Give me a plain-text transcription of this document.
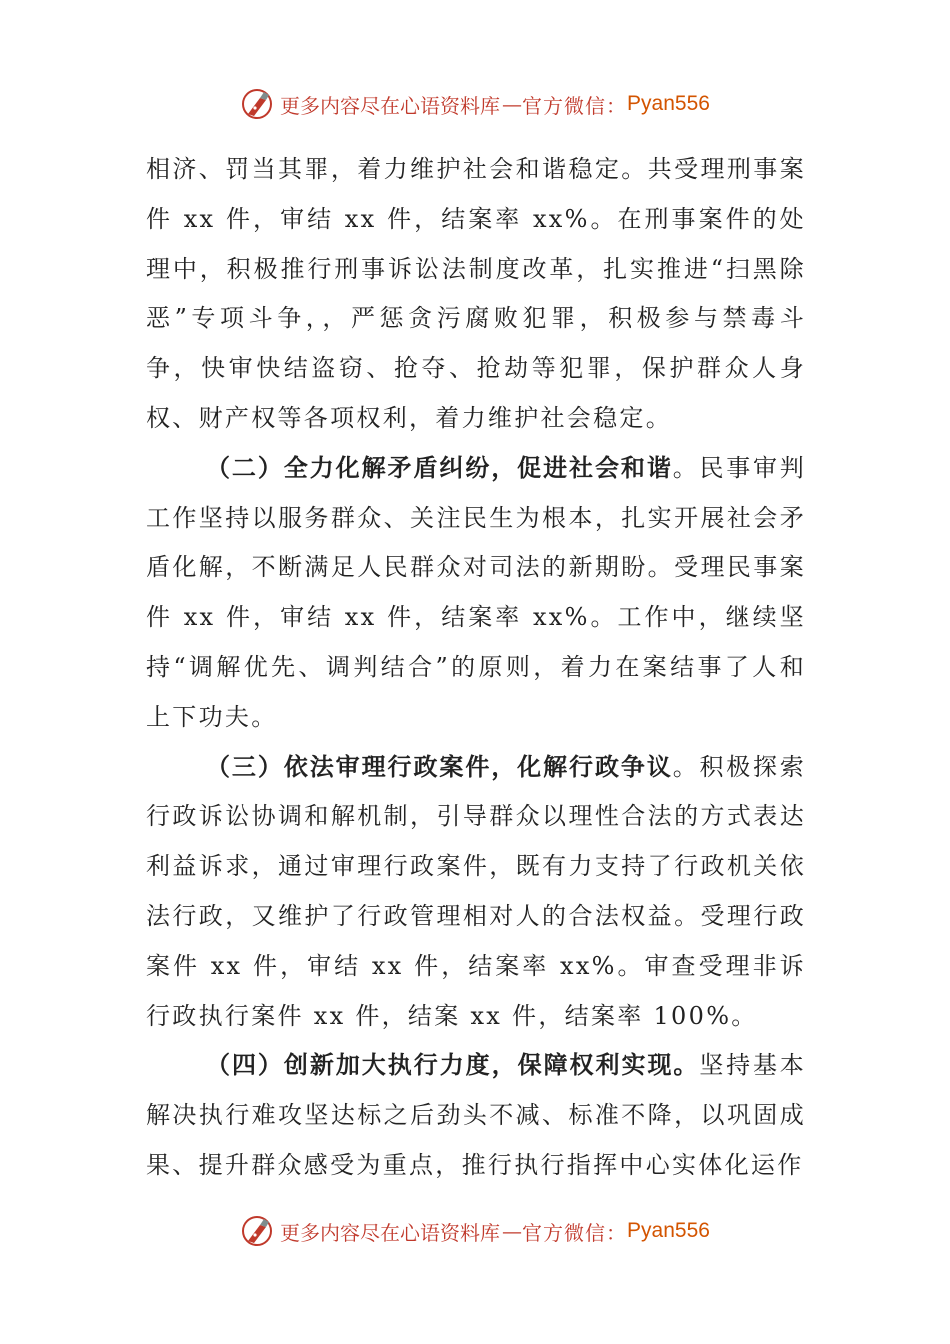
更多内容尽在心语资料库 — 官方微信： Pyan556

相济、罚当其罪，着力维护社会和谐稳定。共受理刑事案件 xx 件，审结 xx 件，结案率 xx%。在刑事案件的处理中，积极推行刑事诉讼法制度改革，扎实推进“扫黑除恶”专项斗争，，严惩贪污腐败犯罪，积极参与禁毒斗争，快审快结盗窃、抢夺、抢劫等犯罪，保护群众人身权、财产权等各项权利，着力维护社会稳定。

（二）全力化解矛盾纠纷，促进社会和谐。民事审判工作坚持以服务群众、关注民生为根本，扎实开展社会矛盾化解，不断满足人民群众对司法的新期盼。受理民事案件 xx 件，审结 xx 件，结案率 xx%。工作中，继续坚持“调解优先、调判结合”的原则，着力在案结事了人和上下功夫。

（三）依法审理行政案件，化解行政争议。积极探索行政诉讼协调和解机制，引导群众以理性合法的方式表达利益诉求，通过审理行政案件，既有力支持了行政机关依法行政，又维护了行政管理相对人的合法权益。受理行政案件 xx 件，审结 xx 件，结案率 xx%。审查受理非诉行政执行案件 xx 件，结案 xx 件，结案率 100%。

（四）创新加大执行力度，保障权利实现。坚持基本解决执行难攻坚达标之后劲头不减、标准不降，以巩固成果、提升群众感受为重点，推行执行指挥中心实体化运作

更多内容尽在心语资料库 — 官方微信： Pyan556
